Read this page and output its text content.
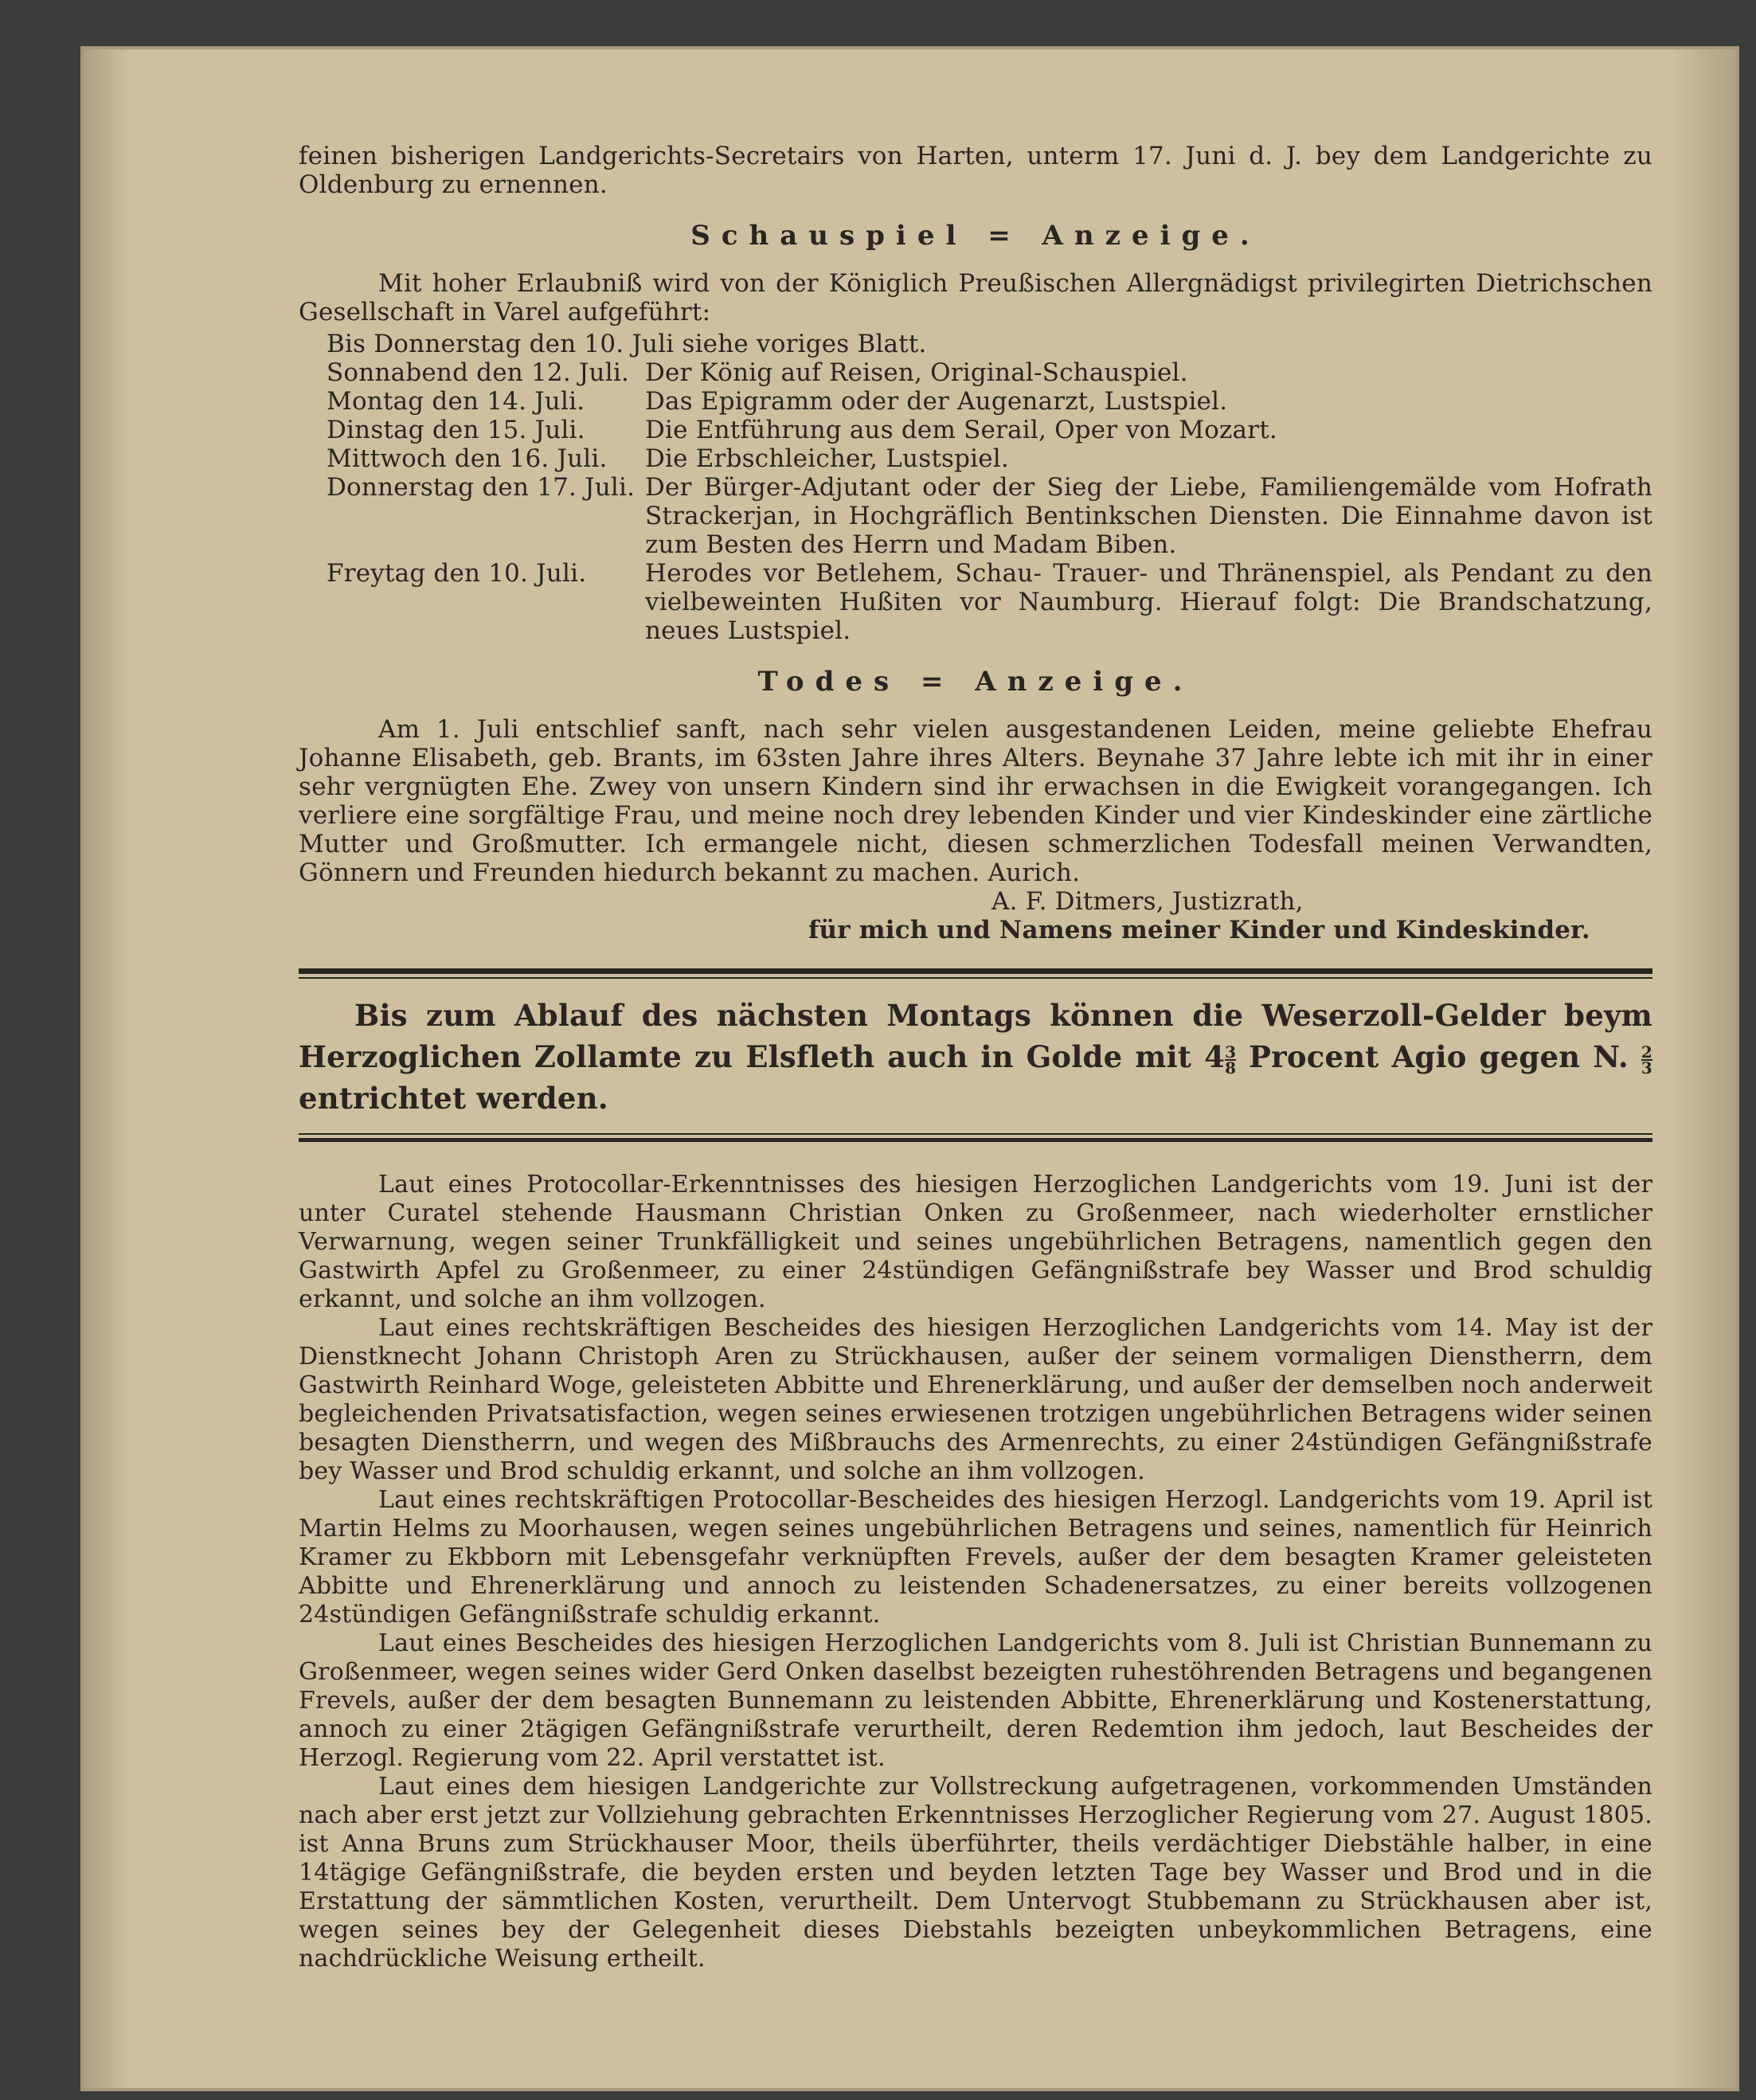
feinen bisherigen Landgerichts-Secretairs von Harten, unterm 17. Juni d. J. bey dem Landgerichte zu Oldenburg zu ernennen.

Schauspiel = Anzeige.

Mit hoher Erlaubniß wird von der Königlich Preußischen Allergnädigst privilegirten Dietrichschen Gesellschaft in Varel aufgeführt:

Bis Donnerstag den 10. Juli siehe voriges Blatt.
Sonnabend den 12. Juli. Der König auf Reisen, Original-Schauspiel.
Montag den 14. Juli.	Das Epigramm oder der Augenarzt, Lustspiel.
Dinstag den 15. Juli.	Die Entführung aus dem Serail, Oper von Mozart.
Mittwoch den 16. Juli.	Die Erbschleicher, Lustspiel.
Donnerstag den 17. Juli. Der Bürger-Adjutant oder der Sieg der Liebe, Familiengemälde vom Hofrath Strackerjan, in Hochgräflich Bentinkschen Diensten. Die Einnahme davon ist zum Besten des Herrn und Madam Biben.
Freytag den 10. Juli.	Herodes vor Betlehem, Schau- Trauer- und Thränenspiel, als Pendant zu den vielbeweinten Hußiten vor Naumburg. Hierauf folgt: Die Brandschatzung, neues Lustspiel.
Todes = Anzeige.

Am 1. Juli entschlief sanft, nach sehr vielen ausgestandenen Leiden, meine geliebte Ehefrau Johanne Elisabeth, geb. Brants, im 63sten Jahre ihres Alters. Beynahe 37 Jahre lebte ich mit ihr in einer sehr vergnügten Ehe. Zwey von unsern Kindern sind ihr erwachsen in die Ewigkeit vorangegangen. Ich verliere eine sorgfältige Frau, und meine noch drey lebenden Kinder und vier Kindeskinder eine zärtliche Mutter und Großmutter. Ich ermangele nicht, diesen schmerzlichen Todesfall meinen Verwandten, Gönnern und Freunden hiedurch bekannt zu machen. Aurich.

A. F. Ditmers, Justizrath,

für mich und Namens meiner Kinder und Kindeskinder.

Bis zum Ablauf des nächsten Montags können die Weserzoll-Gelder beym Herzoglichen Zollamte zu Elsfleth auch in Golde mit $4 \frac{3}{8}$ Procent Agio gegen N. $\frac{2}{3}$
entrichtet werden.

Laut eines Protocollar-Erkenntnisses des hiesigen Herzoglichen Landgerichts vom 19. Juni ist der unter Curatel stehende Hausmann Christian Onken zu Großenmeer, nach wiederholter ernstlicher Verwarnung, wegen seiner Trunkfälligkeit und seines ungebührlichen Betragens, namentlich gegen den Gastwirth Apfel zu Großenmeer, zu einer 24stündigen Gefängnißstrafe bey Wasser und Brod schuldig erkannt, und solche an ihm vollzogen.

Laut eines rechtskräftigen Bescheides des hiesigen Herzoglichen Landgerichts vom 14. May ist der Dienstknecht Johann Christoph Aren zu Strückhausen, außer der seinem vormaligen Dienstherrn, dem Gastwirth Reinhard Woge, geleisteten Abbitte und Ehrenerklärung, und außer der demselben noch anderweit begleichenden Privatsatisfaction, wegen seines erwiesenen trotzigen ungebührlichen Betragens wider seinen besagten Dienstherrn, und wegen des Mißbrauchs des Armenrechts, zu einer 24stündigen Gefängnißstrafe bey Wasser und Brod schuldig erkannt, und solche an ihm vollzogen.

Laut eines rechtskräftigen Protocollar-Bescheides des hiesigen Herzogl. Landgerichts vom 19. April ist Martin Helms zu Moorhausen, wegen seines ungebührlichen Betragens und seines, namentlich für Heinrich Kramer zu Ekbborn mit Lebensgefahr verknüpften Frevels, außer der dem besagten Kramer geleisteten Abbitte und Ehrenerklärung und annoch zu leistenden Schadenersatzes, zu einer bereits vollzogenen 24stündigen Gefängnißstrafe schuldig erkannt.

Laut eines Bescheides des hiesigen Herzoglichen Landgerichts vom 8. Juli ist Christian Bunnemann zu Großenmeer, wegen seines wider Gerd Onken daselbst bezeigten ruhestöhrenden Betragens und begangenen Frevels, außer der dem besagten Bunnemann zu leistenden Abbitte, Ehrenerklärung und Kostenerstattung, annoch zu einer 2tägigen Gefängnißstrafe verurtheilt, deren Redemtion ihm jedoch, laut Bescheides der Herzogl. Regierung vom 22. April verstattet ist.

Laut eines dem hiesigen Landgerichte zur Vollstreckung aufgetragenen, vorkommenden Umständen nach aber erst jetzt zur Vollziehung gebrachten Erkenntnisses Herzoglicher Regierung vom 27. August 1805. ist Anna Bruns zum Strückhauser Moor, theils überführter, theils verdächtiger Diebstähle halber, in eine 14tägige Gefängnißstrafe, die beyden ersten und beyden letzten Tage bey Wasser und Brod und in die Erstattung der sämmtlichen Kosten, verurtheilt. Dem Untervogt Stubbemann zu Strückhausen aber ist, wegen seines bey der Gelegenheit dieses Diebstahls bezeigten unbeykommlichen Betragens, eine nachdrückliche Weisung ertheilt.
